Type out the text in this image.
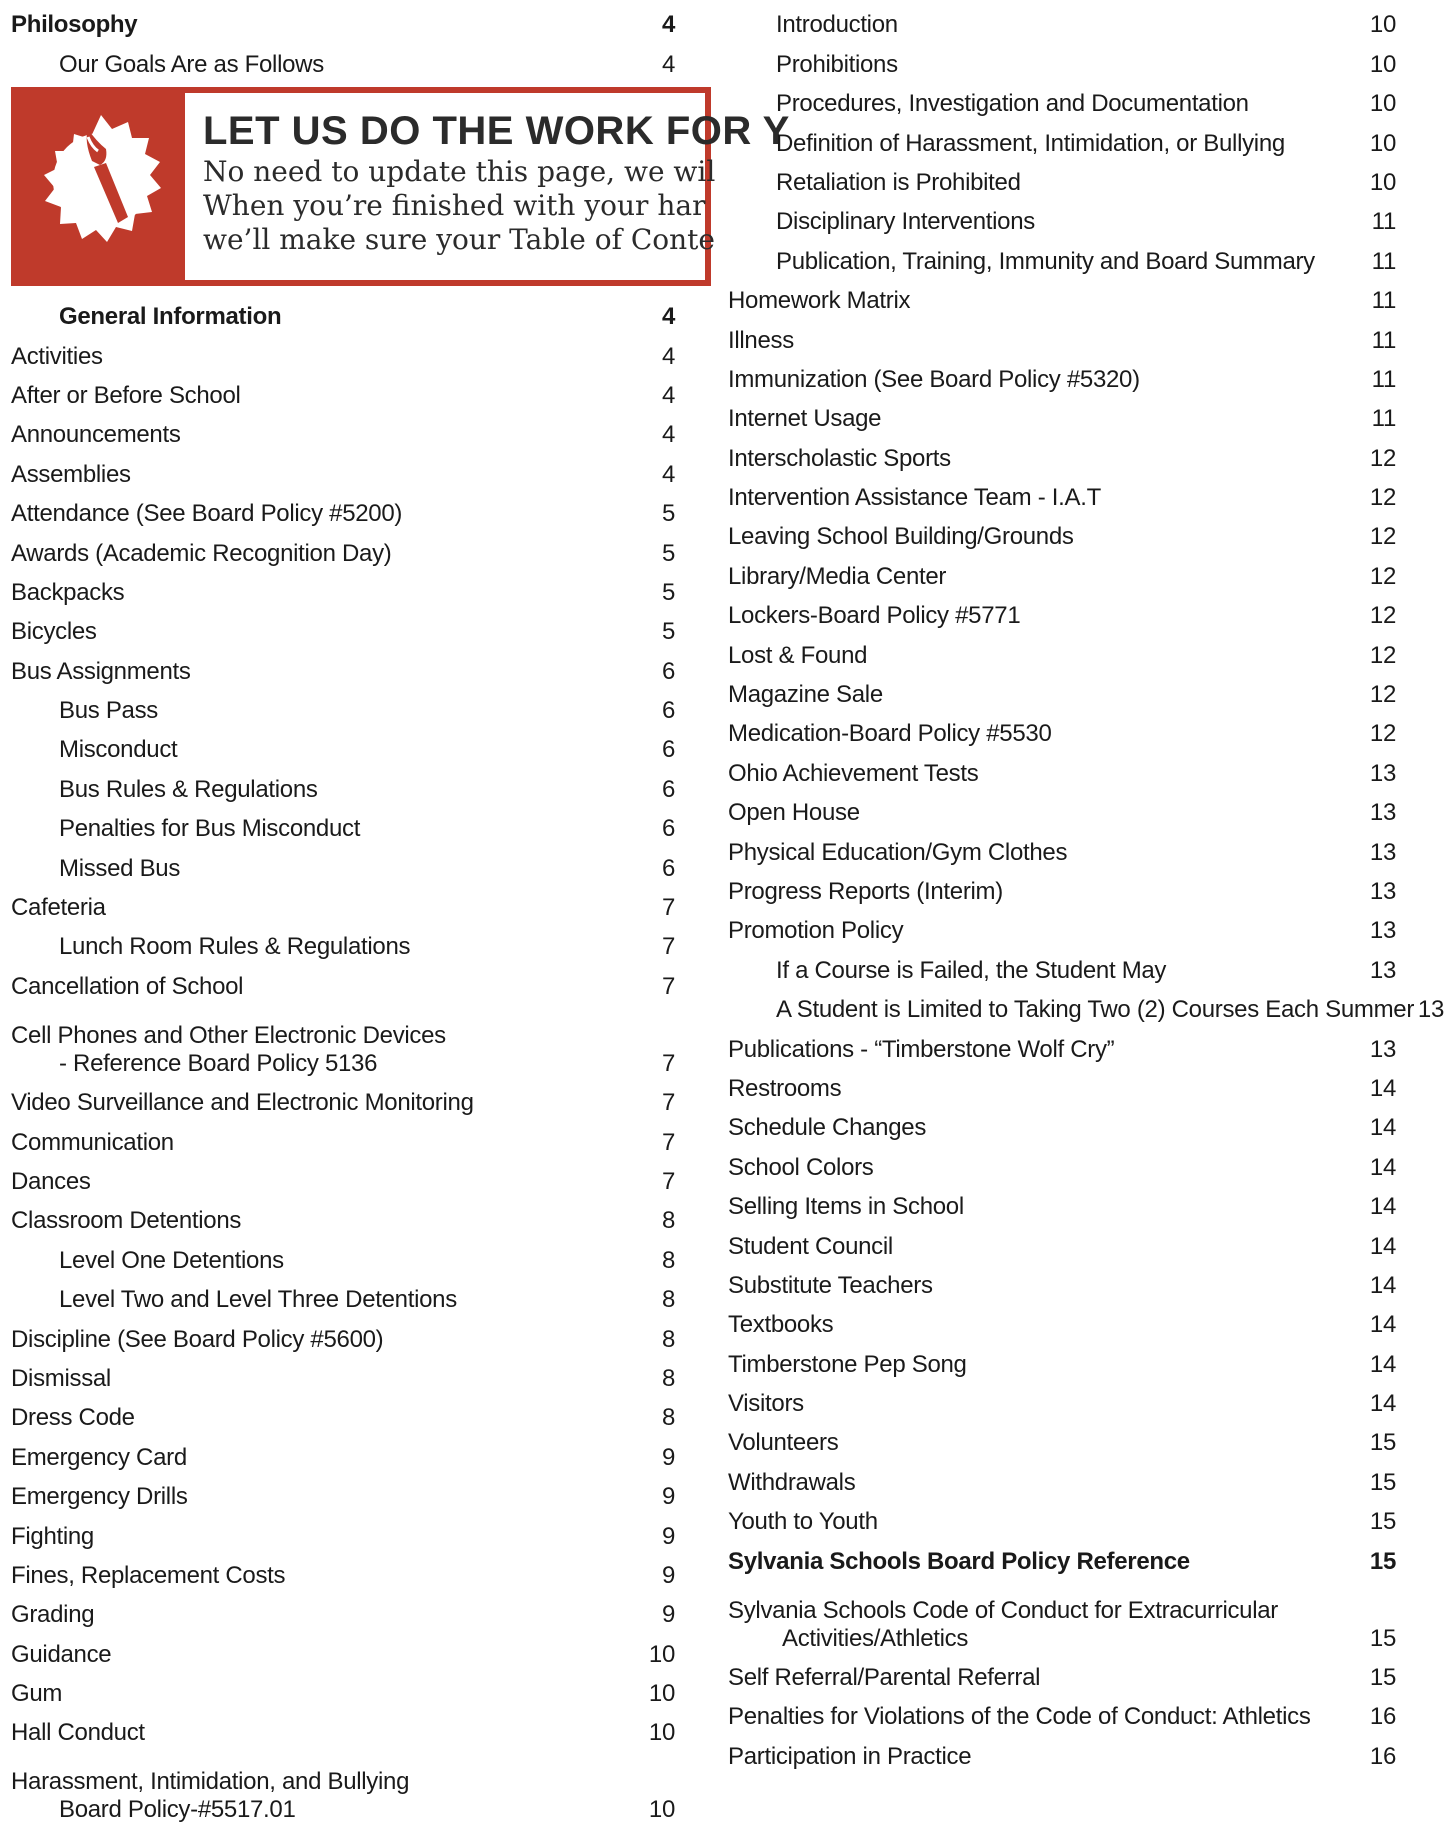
Philosophy	4
Our Goals Are as Follows	4
LET US DO THE WORK FOR Y
No need to update this page, we wil
When you’re finished with your har
we’ll make sure your Table of Conte
General Information	4
Activities	4
After or Before School	4
Announcements	4
Assemblies	4
Attendance (See Board Policy #5200)	5
Awards (Academic Recognition Day)	5
Backpacks	5
Bicycles	5
Bus Assignments	6
Bus Pass	6
Misconduct	6
Bus Rules & Regulations	6
Penalties for Bus Misconduct	6
Missed Bus	6
Cafeteria	7
Lunch Room Rules & Regulations	7
Cancellation of School	7
Cell Phones and Other Electronic Devices
- Reference Board Policy 5136	7
Video Surveillance and Electronic Monitoring	7
Communication	7
Dances	7
Classroom Detentions	8
Level One Detentions	8
Level Two and Level Three Detentions	8
Discipline (See Board Policy #5600)	8
Dismissal	8
Dress Code	8
Emergency Card	9
Emergency Drills	9
Fighting	9
Fines, Replacement Costs	9
Grading	9
Guidance	10
Gum	10
Hall Conduct	10
Harassment, Intimidation, and Bullying
Board Policy-#5517.01	10
Introduction	10
Prohibitions	10
Procedures, Investigation and Documentation	10
Definition of Harassment, Intimidation, or Bullying	10
Retaliation is Prohibited	10
Disciplinary Interventions	11
Publication, Training, Immunity and Board Summary 11
Homework Matrix	11
Illness	11
Immunization (See Board Policy #5320)	11
Internet Usage	11
Interscholastic Sports	12
Intervention Assistance Team - I.A.T	12
Leaving School Building/Grounds	12
Library/Media Center	12
Lockers-Board Policy #5771	12
Lost & Found	12
Magazine Sale	12
Medication-Board Policy #5530	12
Ohio Achievement Tests	13
Open House	13
Physical Education/Gym Clothes	13
Progress Reports (Interim)	13
Promotion Policy	13
If a Course is Failed, the Student May	13
A Student is Limited to Taking Two (2) Courses Each Summer 13
Publications - “Timberstone Wolf Cry”	13
Restrooms	14
Schedule Changes	14
School Colors	14
Selling Items in School	14
Student Council	14
Substitute Teachers	14
Textbooks	14
Timberstone Pep Song	14
Visitors	14
Volunteers	15
Withdrawals	15
Youth to Youth	15
Sylvania Schools Board Policy Reference	15
Sylvania Schools Code of Conduct for Extracurricular
Activities/Athletics	15
Self Referral/Parental Referral	15
Penalties for Violations of the Code of Conduct: Athletics 16
Participation in Practice	16
